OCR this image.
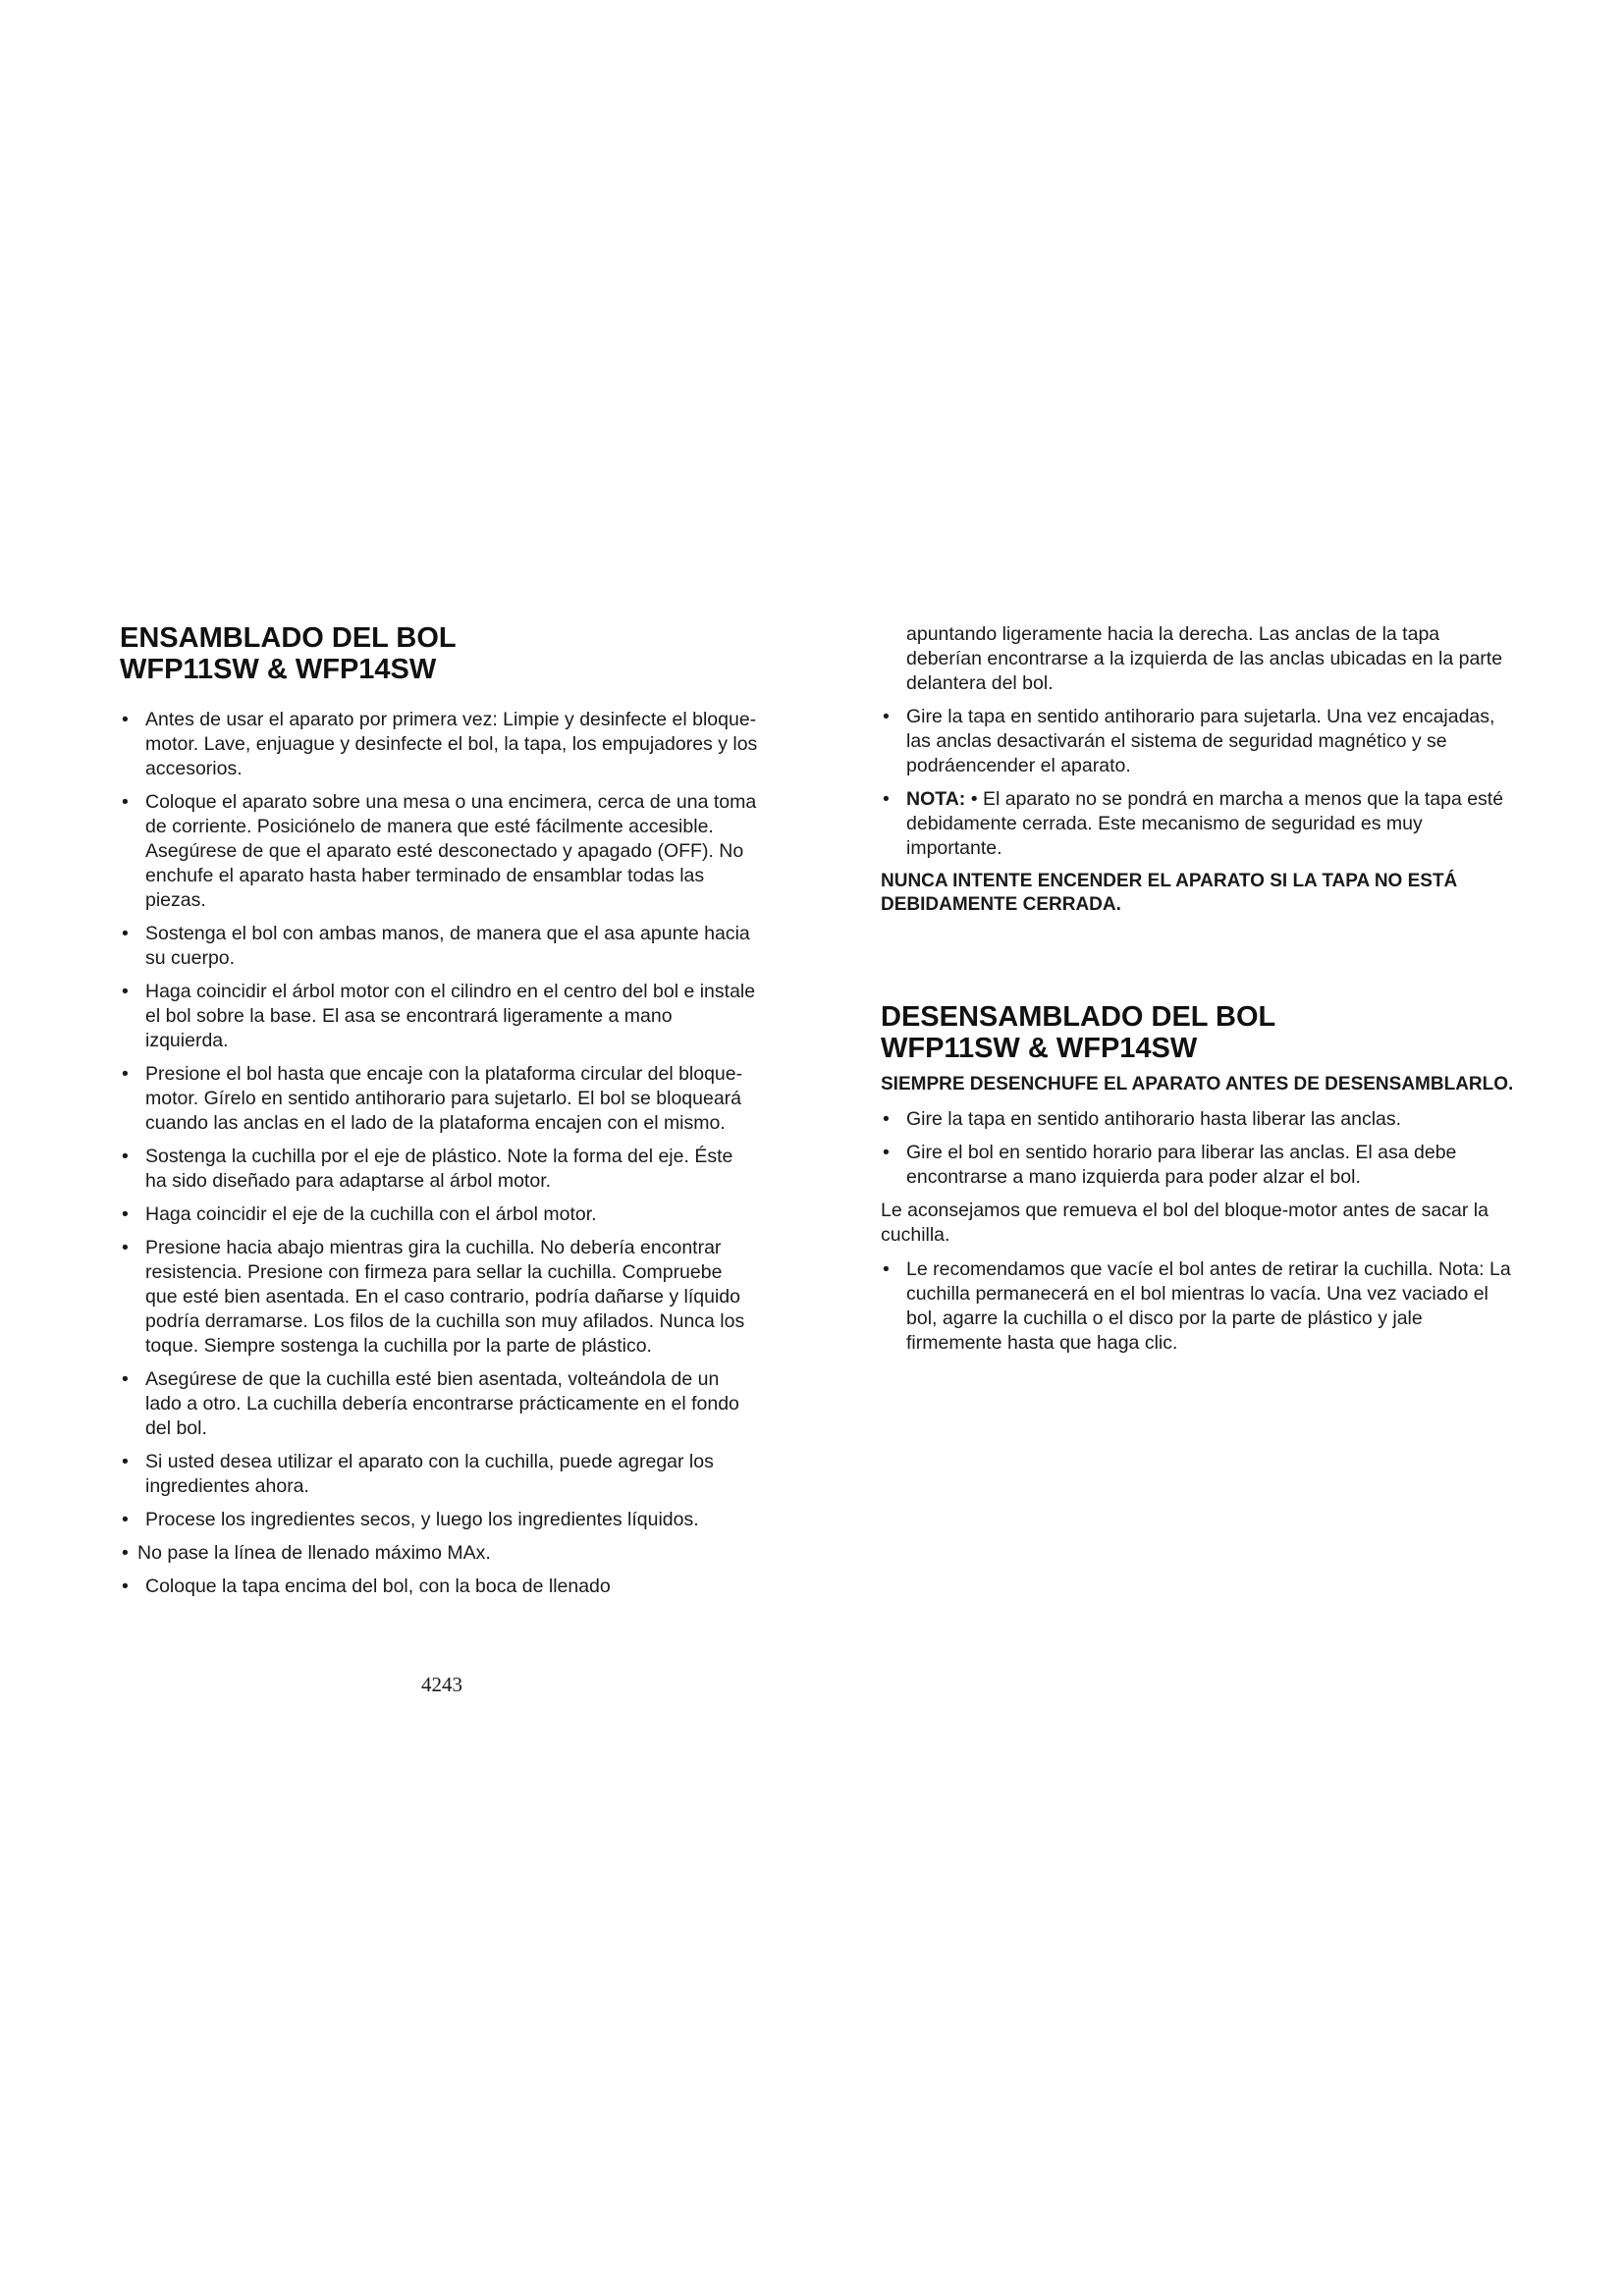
ENSAMBLADO DEL BOL
WFP11SW & WFP14SW
• Antes de usar el aparato por primera vez: Limpie y desinfecte el bloque-motor. Lave, enjuague y desinfecte el bol, la tapa, los empujadores y los accesorios.
• Coloque el aparato sobre una mesa o una encimera, cerca de una toma de corriente. Posiciónelo de manera que esté fácilmente accesible. Asegúrese de que el aparato esté desconectado y apagado (OFF). No enchufe el aparato hasta haber terminado de ensamblar todas las piezas.
• Sostenga el bol con ambas manos, de manera que el asa apunte hacia su cuerpo.
• Haga coincidir el árbol motor con el cilindro en el centro del bol e instale el bol sobre la base. El asa se encontrará ligeramente a mano izquierda.
• Presione el bol hasta que encaje con la plataforma circular del bloque-motor. Gírelo en sentido antihorario para sujetarlo. El bol se bloqueará cuando las anclas en el lado de la plataforma encajen con el mismo.
• Sostenga la cuchilla por el eje de plástico. Note la forma del eje. Éste ha sido diseñado para adaptarse al árbol motor.
• Haga coincidir el eje de la cuchilla con el árbol motor.
• Presione hacia abajo mientras gira la cuchilla. No debería encontrar resistencia. Presione con firmeza para sellar la cuchilla. Compruebe que esté bien asentada. En el caso contrario, podría dañarse y líquido podría derramarse. Los filos de la cuchilla son muy afilados. Nunca los toque. Siempre sostenga la cuchilla por la parte de plástico.
• Asegúrese de que la cuchilla esté bien asentada, volteándola de un lado a otro. La cuchilla debería encontrarse prácticamente en el fondo del bol.
• Si usted desea utilizar el aparato con la cuchilla, puede agregar los ingredientes ahora.
• Procese los ingredientes secos, y luego los ingredientes líquidos.
• No pase la línea de llenado máximo MAx.
• Coloque la tapa encima del bol, con la boca de llenado

apuntando ligeramente hacia la derecha. Las anclas de la tapa deberían encontrarse a la izquierda de las anclas ubicadas en la parte delantera del bol.

• Gire la tapa en sentido antihorario para sujetarla. Una vez encajadas, las anclas desactivarán el sistema de seguridad magnético y se podráencender el aparato.
• NOTA: • El aparato no se pondrá en marcha a menos que la tapa esté debidamente cerrada. Este mecanismo de seguridad es muy importante.

NUNCA INTENTE ENCENDER EL APARATO SI LA TAPA NO ESTÁ DEBIDAMENTE CERRADA.

DESENSAMBLADO DEL BOL
WFP11SW & WFP14SW

SIEMPRE DESENCHUFE EL APARATO ANTES DE DESENSAMBLARLO.

• Gire la tapa en sentido antihorario hasta liberar las anclas.
• Gire el bol en sentido horario para liberar las anclas. El asa debe encontrarse a mano izquierda para poder alzar el bol.

Le aconsejamos que remueva el bol del bloque-motor antes de sacar la cuchilla.

• Le recomendamos que vacíe el bol antes de retirar la cuchilla. Nota: La cuchilla permanecerá en el bol mientras lo vacía. Una vez vaciado el bol, agarre la cuchilla o el disco por la parte de plástico y jale firmemente hasta que haga clic.
4243
